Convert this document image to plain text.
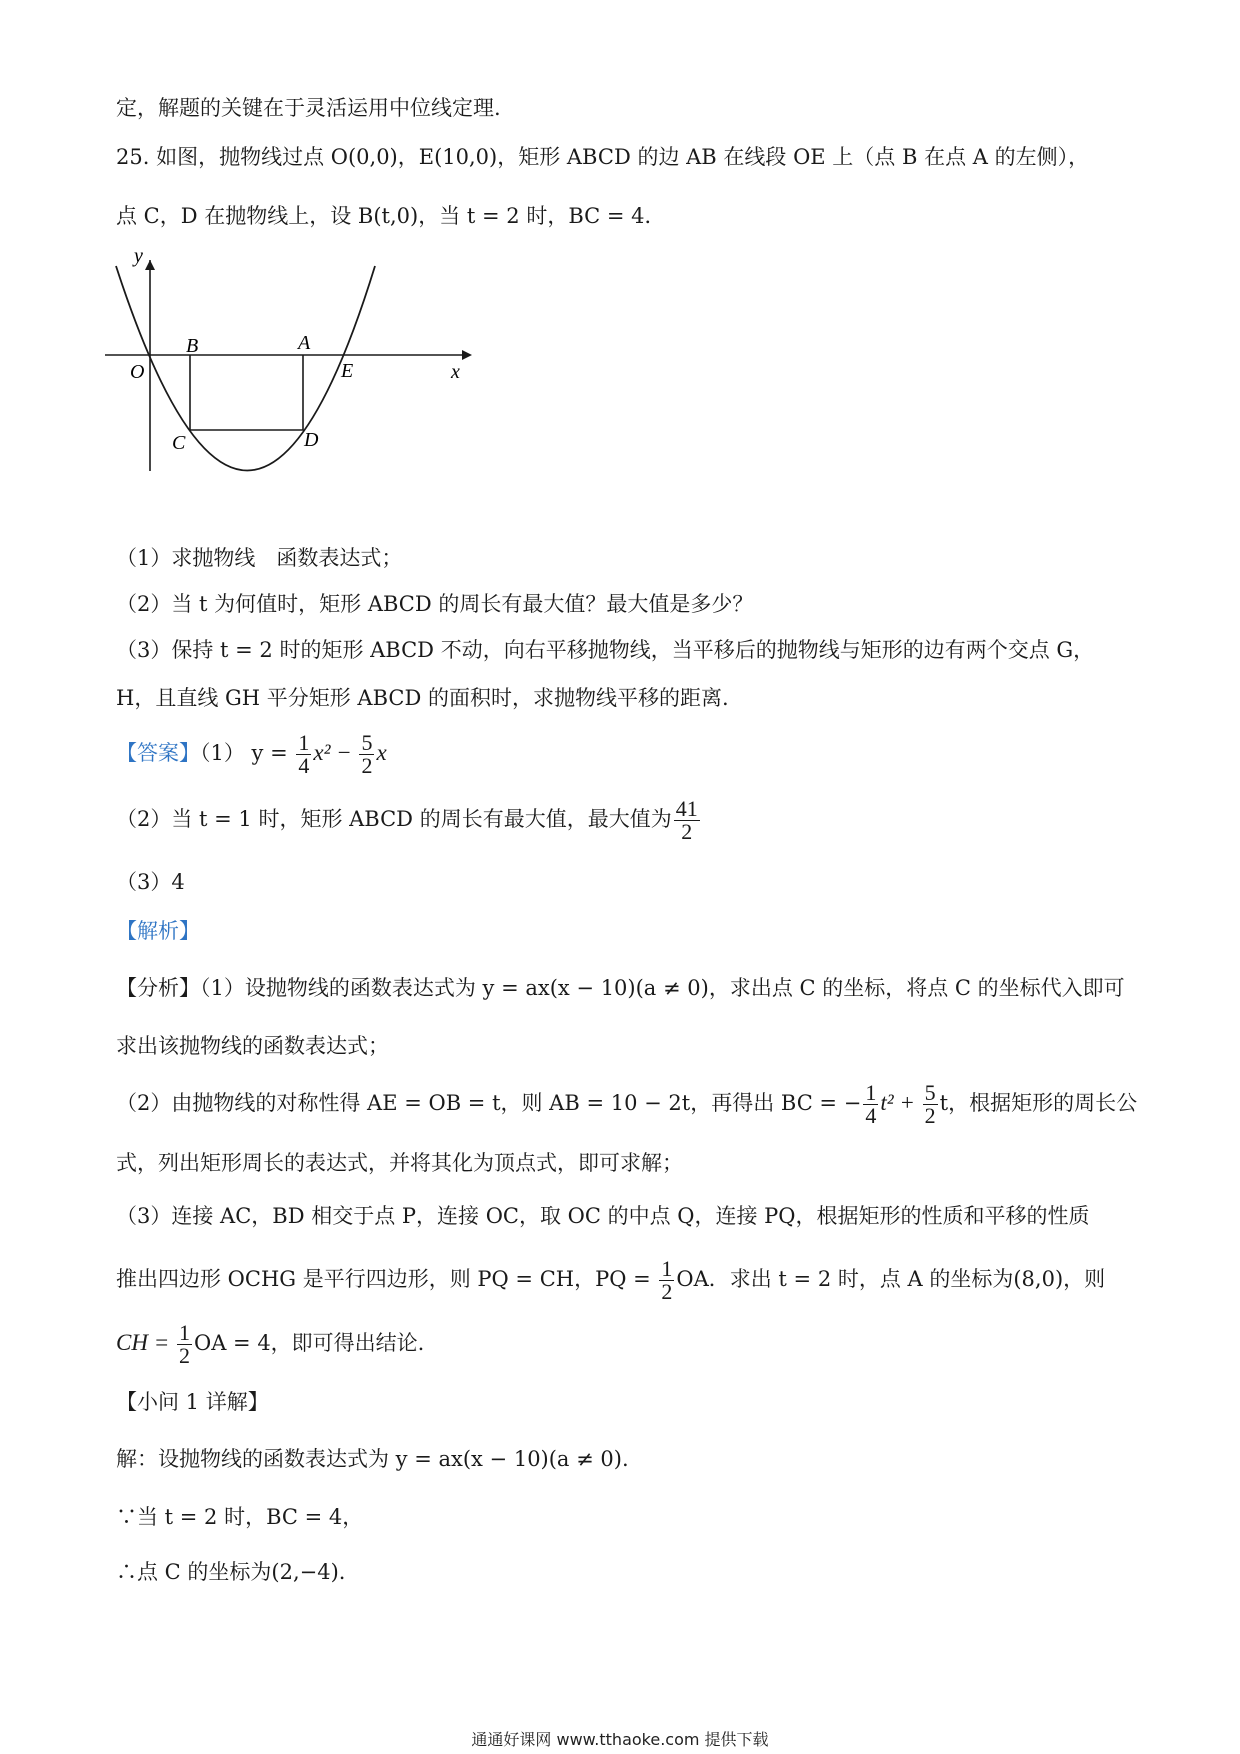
定，解题的关键在于灵活运用中位线定理.
25. 如图，抛物线过点 O(0,0)，E(10,0)，矩形 ABCD 的边 AB 在线段 OE 上（点 B 在点 A 的左侧），
点 C，D 在抛物线上，设 B(t,0)，当 t = 2 时，BC = 4．
y
x
O
B	A
E
C	D
（1）求抛物线　函数表达式；
（2）当 t 为何值时，矩形 ABCD 的周长有最大值？最大值是多少？
（3）保持 t = 2 时的矩形 ABCD 不动，向右平移抛物线，当平移后的抛物线与矩形的边有两个交点 G，
H，且直线 GH 平分矩形 ABCD 的面积时，求抛物线平移的距离.
【答案】（1） $y = \frac{1}{4} x^2 - \frac{5}{2}$ x
（2）当 t = 1 时，矩形 ABCD 的周长有最大值，最大值为 $\frac{41}{2}$
（3）4
【解析】
【分析】（1）设抛物线的函数表达式为 y = ax(x − 10)(a ≠ 0)，求出点 C 的坐标，将点 C 的坐标代入即可
求出该抛物线的函数表达式；
（2）由抛物线的对称性得 AE = OB = t，则 AB = 10 − 2t，再得出 BC = − $\frac{1}{4} t^2 + \frac{5}{2}$ t，根据矩形的周长公
式，列出矩形周长的表达式，并将其化为顶点式，即可求解；
（3）连接 AC，BD 相交于点 P，连接 OC，取 OC 的中点 Q，连接 PQ，根据矩形的性质和平移的性质
推出四边形 OCHG 是平行四边形，则 PQ = CH，PQ = $\frac{1}{2}$ OA．求出 t = 2 时，点 A 的坐标为(8,0)，则
CH = $\frac{1}{2}$ OA = 4，即可得出结论.
【小问 1 详解】
解：设抛物线的函数表达式为 y = ax(x − 10)(a ≠ 0).
∵当 t = 2 时，BC = 4，
∴点 C 的坐标为(2,−4).
通通好课网 www.tthaoke.com 提供下载
